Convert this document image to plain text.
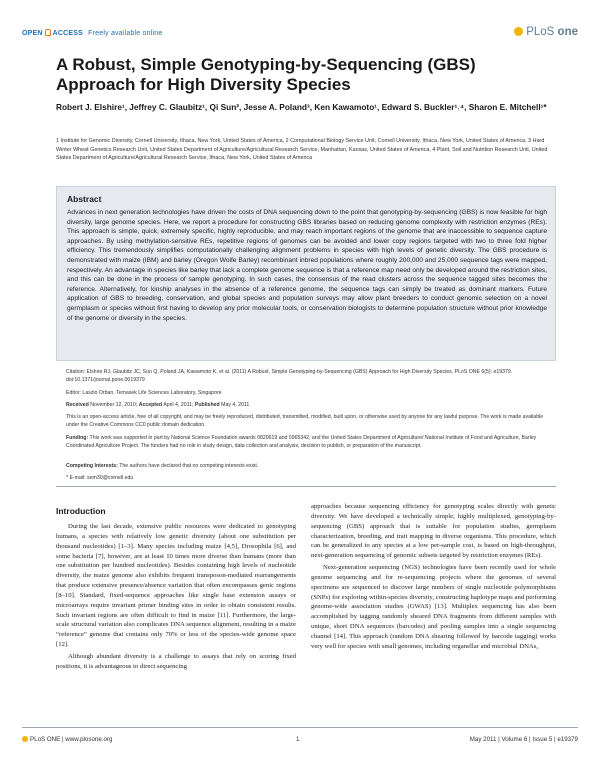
OPEN ACCESS Freely available online	PLoS one
A Robust, Simple Genotyping-by-Sequencing (GBS) Approach for High Diversity Species
Robert J. Elshire¹, Jeffrey C. Glaubitz¹, Qi Sun², Jesse A. Poland³, Ken Kawamoto¹, Edward S. Buckler¹˒⁴, Sharon E. Mitchell¹*
1 Institute for Genomic Diversity, Cornell University, Ithaca, New York, United States of America, 2 Computational Biology Service Unit, Cornell University, Ithaca, New York, United States of America, 3 Hard Winter Wheat Genetics Research Unit, United States Department of Agriculture/Agricultural Research Service, Manhattan, Kansas, United States of America, 4 Plant, Soil and Nutrition Research Unit, United States Department of Agriculture/Agricultural Research Service, Ithaca, New York, United States of America
Abstract
Advances in next generation technologies have driven the costs of DNA sequencing down to the point that genotyping-by-sequencing (GBS) is now feasible for high diversity, large genome species. Here, we report a procedure for constructing GBS libraries based on reducing genome complexity with restriction enzymes (REs). This approach is simple, quick, extremely specific, highly reproducible, and may reach important regions of the genome that are inaccessible to sequence capture approaches. By using methylation-sensitive REs, repetitive regions of genomes can be avoided and lower copy regions targeted with two to three fold higher efficiency. This tremendously simplifies computationally challenging alignment problems in species with high levels of genetic diversity. The GBS procedure is demonstrated with maize (IBM) and barley (Oregon Wolfe Barley) recombinant inbred populations where roughly 200,000 and 25,000 sequence tags were mapped, respectively. An advantage in species like barley that lack a complete genome sequence is that a reference map need only be developed around the restriction sites, and this can be done in the process of sample genotyping. In such cases, the consensus of the read clusters across the sequence tagged sites becomes the reference. Alternatively, for kinship analyses in the absence of a reference genome, the sequence tags can simply be treated as dominant markers. Future application of GBS to breeding, conservation, and global species and population surveys may allow plant breeders to conduct genomic selection on a novel germplasm or species without first having to develop any prior molecular tools, or conservation biologists to determine population structure without prior knowledge of the genome or diversity in the species.
Citation: Elshire RJ, Glaubitz JC, Sun Q, Poland JA, Kawamoto K, et al. (2011) A Robust, Simple Genotyping-by-Sequencing (GBS) Approach for High Diversity Species. PLoS ONE 6(5): e19379. doi:10.1371/journal.pone.0019379
Editor: Laszlo Orban, Temasek Life Sciences Laboratory, Singapore
Received November 12, 2010; Accepted April 4, 2011; Published May 4, 2011
This is an open-access article, free of all copyright, and may be freely reproduced, distributed, transmitted, modified, built upon, or otherwise used by anyone for any lawful purpose. The work is made available under the Creative Commons CC0 public domain dedication.
Funding: This work was supported in part by National Science Foundation awards 0820619 and 0965342, and the United States Department of Agriculture/ National Institute of Food and Agriculture, Barley Coordinated Agriculture Project. The funders had no role in study design, data collection and analysis, decision to publish, or preparation of the manuscript.
Competing Interests: The authors have declared that no competing interests exist.
* E-mail: sem30@cornell.edu
Introduction

During the last decade, extensive public resources were dedicated to genotyping humans, a species with relatively low genetic diversity (about one substitution per thousand nucleotides) [1–3]. Many species including maize [4,5], Drosophila [6], and some bacteria [7], however, are at least 10 times more diverse than humans (more than one substitution per hundred nucleotides). Besides containing high levels of nucleotide diversity, the maize genome also exhibits frequent transposon-mediated rearrangements that produce extensive presence/absence variation that often encompasses genic regions [8–10]. Standard, fixed-sequence approaches like single base extension assays or microarrays require invariant primer binding sites in order to obtain consistent results. Such invariant regions are often difficult to find in maize [11]. Furthermore, the large-scale structural variation also complicates DNA sequence alignment, resulting in a maize “reference” genome that contains only 70% or less of the species-wide genome space [12].

Although abundant diversity is a challenge to assays that rely on scoring fixed positions, it is advantageous to direct sequencing

approaches because sequencing efficiency for genotyping scales directly with genetic diversity. We have developed a technically simple, highly multiplexed, genotyping-by-sequencing (GBS) approach that is suitable for population studies, germplasm characterization, breeding, and trait mapping in diverse organisms. This procedure, which can be generalized to any species at a low per-sample cost, is based on high-throughput, next-generation sequencing of genomic subsets targeted by restriction enzymes (REs).

Next-generation sequencing (NGS) technologies have been recently used for whole genome sequencing and for re-sequencing projects where the genomes of several specimens are sequenced to discover large numbers of single nucleotide polymorphisms (SNPs) for exploring within-species diversity, constructing haplotype maps and performing genome-wide association studies (GWAS) [13]. Multiplex sequencing has also been accomplished by tagging randomly sheared DNA fragments from different samples with unique, short DNA sequences (barcodes) and pooling samples into a single sequencing channel [14]. This approach (random DNA shearing followed by barcode tagging) works very well for species with small genomes, including organellar and microbial DNAs,

PLoS ONE | www.plosone.org	1	May 2011 | Volume 6 | Issue 5 | e19379
